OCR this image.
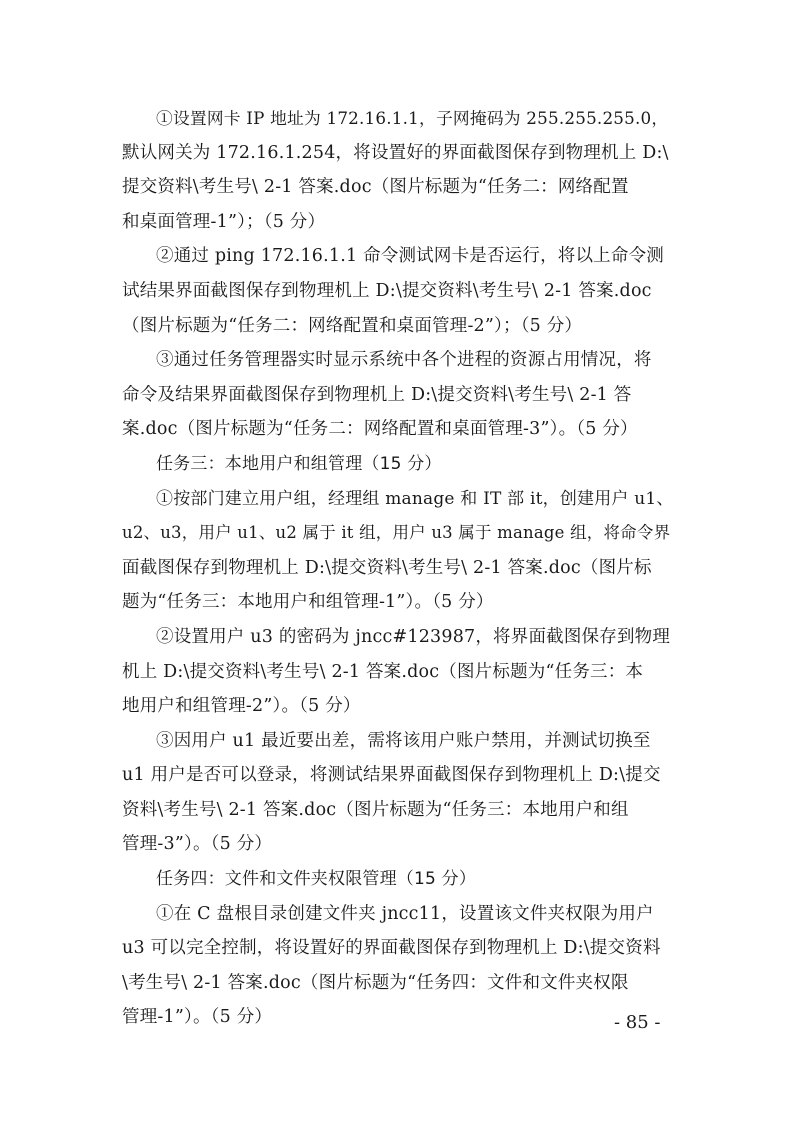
①设置网卡 IP 地址为 172.16.1.1，子网掩码为 255.255.255.0，
默认网关为 172.16.1.254，将设置好的界面截图保存到物理机上 D:\
提交资料\考生号\ 2-1 答案.doc（图片标题为“任务二：网络配置
和桌面管理-1”）；（5 分）
②通过 ping 172.16.1.1 命令测试网卡是否运行，将以上命令测
试结果界面截图保存到物理机上 D:\提交资料\考生号\ 2-1 答案.doc
（图片标题为“任务二：网络配置和桌面管理-2”）；（5 分）
③通过任务管理器实时显示系统中各个进程的资源占用情况，将
命令及结果界面截图保存到物理机上 D:\提交资料\考生号\ 2-1 答
案.doc（图片标题为“任务二：网络配置和桌面管理-3”）。（5 分）
任务三：本地用户和组管理（15 分）
①按部门建立用户组，经理组 manage 和 IT 部 it，创建用户 u1、
u2、u3，用户 u1、u2 属于 it 组，用户 u3 属于 manage 组，将命令界
面截图保存到物理机上 D:\提交资料\考生号\ 2-1 答案.doc（图片标
题为“任务三：本地用户和组管理-1”）。（5 分）
②设置用户 u3 的密码为 jncc#123987，将界面截图保存到物理
机上 D:\提交资料\考生号\ 2-1 答案.doc（图片标题为“任务三：本
地用户和组管理-2”）。（5 分）
③因用户 u1 最近要出差，需将该用户账户禁用，并测试切换至
u1 用户是否可以登录，将测试结果界面截图保存到物理机上 D:\提交
资料\考生号\ 2-1 答案.doc（图片标题为“任务三：本地用户和组
管理-3”）。（5 分）
任务四：文件和文件夹权限管理（15 分）
①在 C 盘根目录创建文件夹 jncc11，设置该文件夹权限为用户
u3 可以完全控制，将设置好的界面截图保存到物理机上 D:\提交资料
\考生号\ 2-1 答案.doc（图片标题为“任务四：文件和文件夹权限
管理-1”）。（5 分）	- 85 -
